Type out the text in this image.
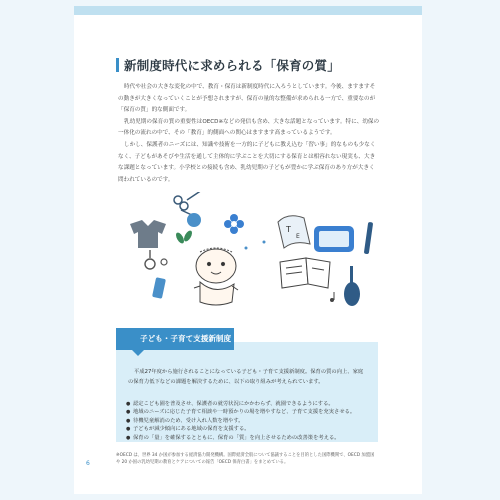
新制度時代に求められる「保育の質」

時代や社会の大きな変化の中で、教育・保育は新制度時代に入ろうとしています。今後、ますますその動きが大きくなっていくことが予想されますが、保育の量的な整備が求められる一方で、重要なのが「保育の質」的な側面です。

乳幼児期の保育の質の重要性はOECD※などの発信も含め、大きな話題となっています。特に、幼保の一体化の流れの中で、その「教育」的側面への関心はますます高まっているようです。

しかし、保護者のニーズには、知識や技術を一方的に子どもに教え込む「習い事」的なものも少なくなく、子どもがあそびや生活を通して主体的に学ぶことを大切にする保育とは相容れない現実も、大きな課題となっています。小学校との接続も含め、乳幼児期の子どもが豊かに学ぶ保育のあり方が大きく問われているのです。

T
E
子ども・子育て支援新制度

平成27年度から施行されることになっている子ども・子育て支援新制度。保育の質の向上、家庭の保育力低下などの課題を解決するために、以下の取り組みが考えられています。

● 認定こども園を普及させ、保護者の就労状況にかかわらず、就園できるようにする。
● 地域のニーズに応じた子育て相談や一時預かりの場を増やすなど、子育て支援を充実させる。
● 待機児童解消のため、受け入れ人数を増やす。
● 子どもが減少傾向にある地域の保育を支援する。
● 保育の「量」を確保するとともに、保育の「質」を向上させるための改善策を考える。

※OECD は、世界 34 か国が参加する経済協力開発機構。国際経済全般について協議することを目的とした国際機関で、OECD 加盟国や 20 か国の乳幼児期の教育とケアについての報告「OECD 保育白書」をまとめている。

6
